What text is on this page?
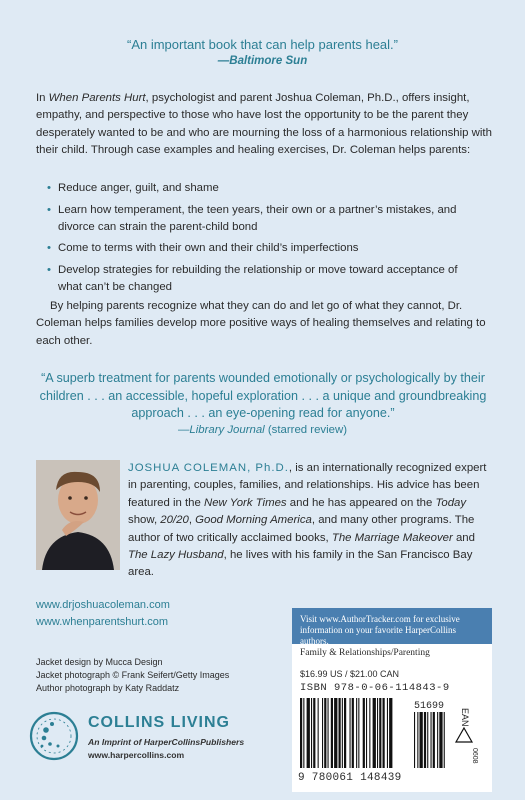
“An important book that can help parents heal.”
—Baltimore Sun
In When Parents Hurt, psychologist and parent Joshua Coleman, Ph.D., offers insight, empathy, and perspective to those who have lost the opportunity to be the parent they desperately wanted to be and who are mourning the loss of a harmonious relationship with their child. Through case examples and healing exercises, Dr. Coleman helps parents:
• Reduce anger, guilt, and shame
• Learn how temperament, the teen years, their own or a partner’s mistakes, and divorce can strain the parent-child bond
• Come to terms with their own and their child’s imperfections
• Develop strategies for rebuilding the relationship or move toward acceptance of what can’t be changed
By helping parents recognize what they can do and let go of what they cannot, Dr. Coleman helps families develop more positive ways of healing themselves and relating to each other.
“A superb treatment for parents wounded emotionally or psychologically by their children . . . an accessible, hopeful exploration . . . a unique and groundbreaking approach . . . an eye-opening read for anyone.”
—Library Journal (starred review)
JOSHUA COLEMAN, Ph.D., is an internationally recognized expert in parenting, couples, families, and relationships. His advice has been featured in the New York Times and he has appeared on the Today show, 20/20, Good Morning America, and many other programs. The author of two critically acclaimed books, The Marriage Makeover and The Lazy Husband, he lives with his family in the San Francisco Bay area.
www.drjoshuacoleman.com
www.whenparentshurt.com
Jacket design by Mucca Design
Jacket photograph © Frank Seifert/Getty Images
Author photograph by Katy Raddatz
COLLINS LIVING
An Imprint of HarperCollinsPublishers
www.harpercollins.com
Visit www.AuthorTracker.com for exclusive information on your favorite HarperCollins authors.
Family & Relationships/Parenting
$16.99 US / $21.00 CAN
ISBN 978-0-06-114843-9
51699
9 780061 148439
EAN
0608
